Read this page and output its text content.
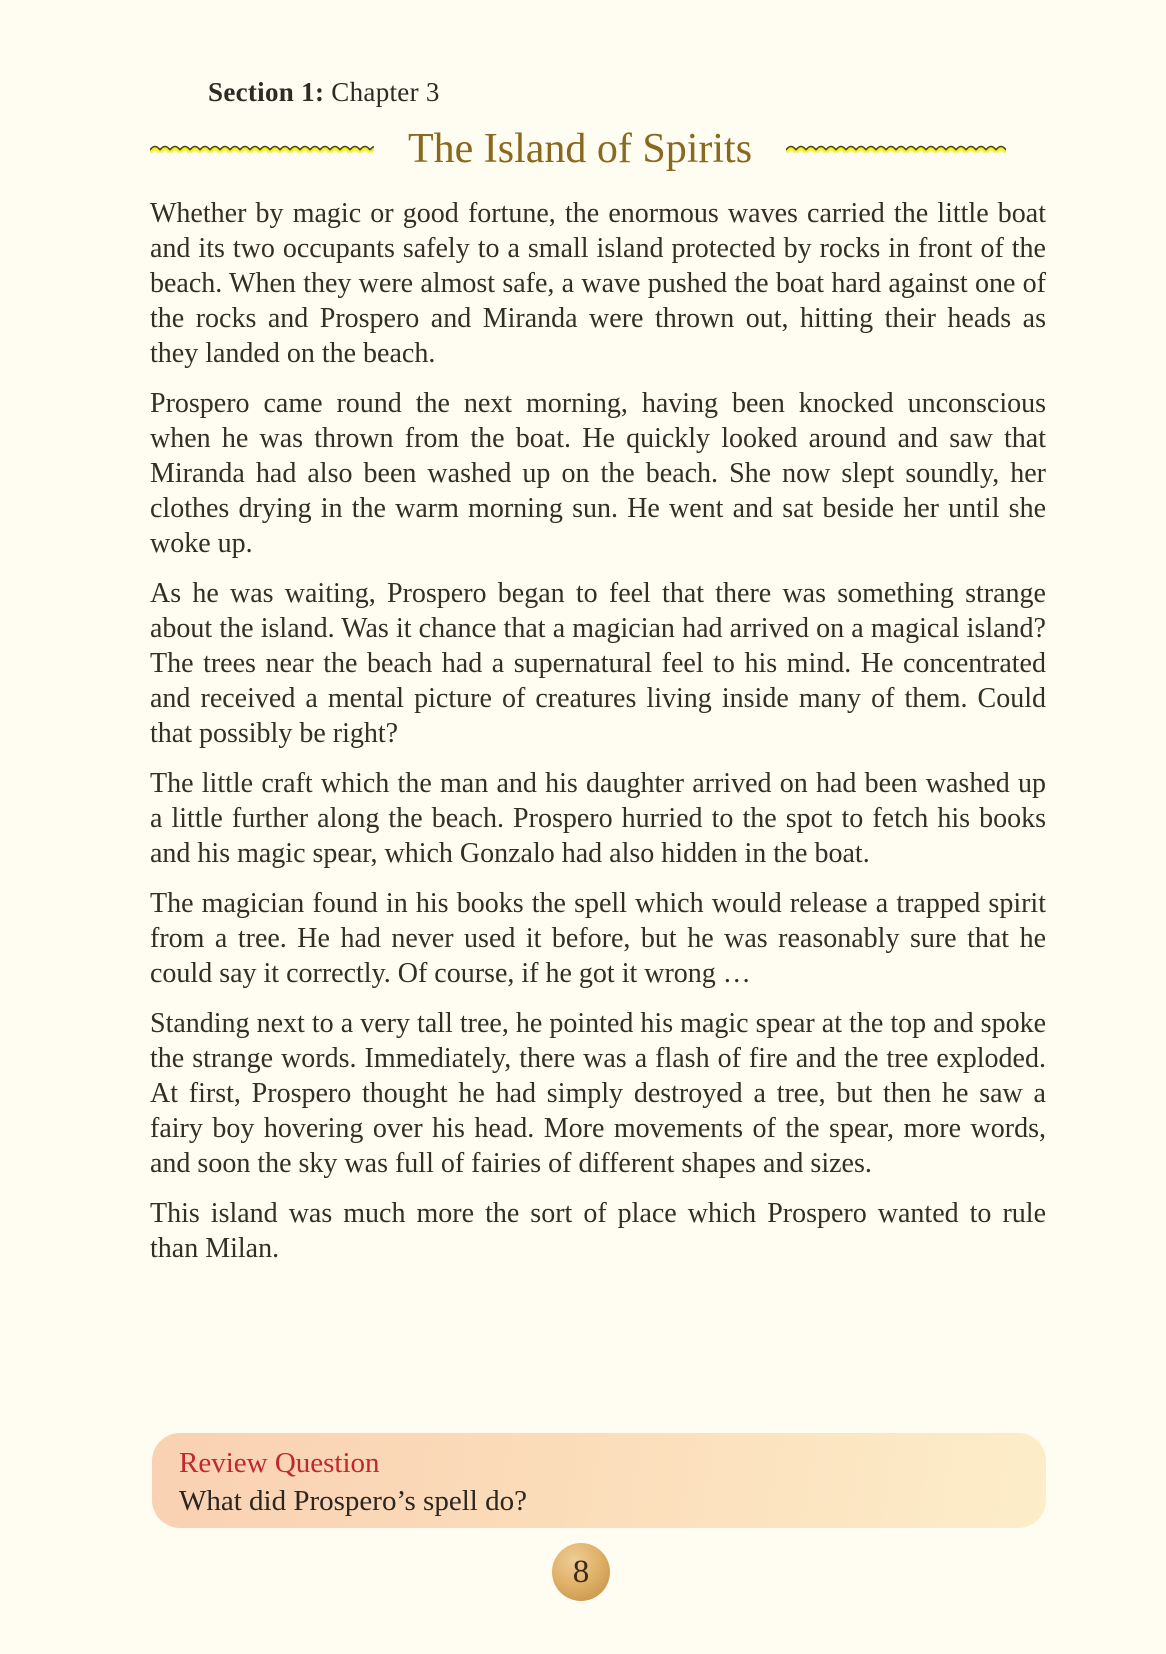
Section 1: Chapter 3
The Island of Spirits

Whether by magic or good fortune, the enormous waves carried the little boat and its two occupants safely to a small island protected by rocks in front of the beach. When they were almost safe, a wave pushed the boat hard against one of the rocks and Prospero and Miranda were thrown out, hitting their heads as they landed on the beach.

Prospero came round the next morning, having been knocked unconscious when he was thrown from the boat. He quickly looked around and saw that Miranda had also been washed up on the beach. She now slept soundly, her clothes drying in the warm morning sun. He went and sat beside her until she woke up.

As he was waiting, Prospero began to feel that there was something strange about the island. Was it chance that a magician had arrived on a magical island? The trees near the beach had a supernatural feel to his mind. He concentrated and received a mental picture of creatures living inside many of them. Could that possibly be right?

The little craft which the man and his daughter arrived on had been washed up a little further along the beach. Prospero hurried to the spot to fetch his books and his magic spear, which Gonzalo had also hidden in the boat.

The magician found in his books the spell which would release a trapped spirit from a tree. He had never used it before, but he was reasonably sure that he could say it correctly. Of course, if he got it wrong …

Standing next to a very tall tree, he pointed his magic spear at the top and spoke the strange words. Immediately, there was a flash of fire and the tree exploded. At first, Prospero thought he had simply destroyed a tree, but then he saw a fairy boy hovering over his head. More movements of the spear, more words, and soon the sky was full of fairies of different shapes and sizes.

This island was much more the sort of place which Prospero wanted to rule than Milan.

Review Question
What did Prospero’s spell do?
8
